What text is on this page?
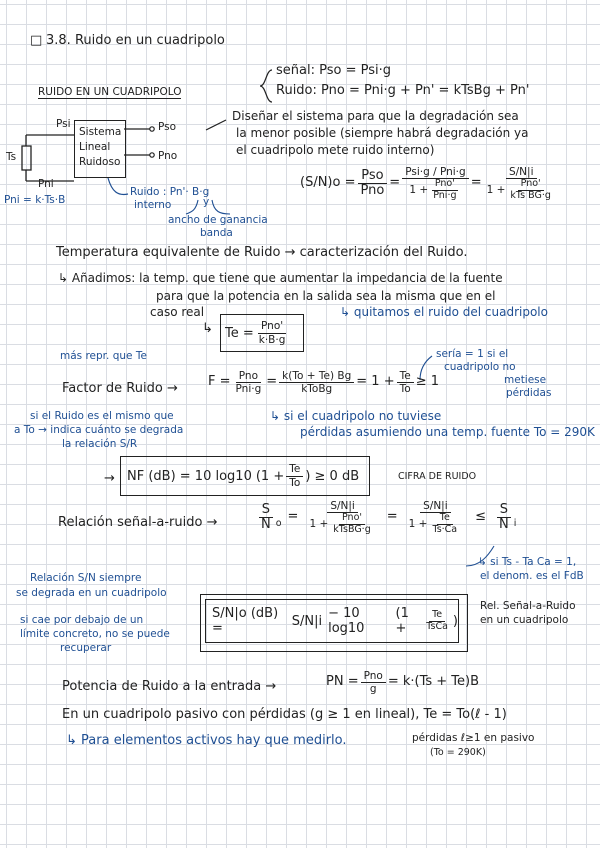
□ 3.8. Ruido en un cuadripolo
RUIDO EN UN CUADRIPOLO
Sistema
Lineal
Ruidoso
Psi	Pso
Pno
Ts
Pni
Pni = k·Ts·B
Ruido : Pn'· B·g
interno	y
ancho de ganancia
banda
señal: Pso = Psi·g
Ruido: Pno = Pni·g + Pn' = kTsBg + Pn'
Diseñar el sistema para que la degradación sea
la menor posible (siempre habrá degradación ya
el cuadripolo mete ruido interno)
$(S/N)o = \frac{\text{Pso}}{\text{Pno}} = \frac{\text{Psi·g / Pni·g}}{1 + \frac{\text{Pno'}}{\text{Pni·g}}} = \frac{S/N|i}{1 + \frac{\text{Pno'}}{\text{kTs BG·g}}}$
Temperatura equivalente de Ruido → caracterización del Ruido.
↳ Añadimos: la temp. que tiene que aumentar la impedancia de la fuente
para que la potencia en la salida sea la misma que en el
caso real	↳ quitamos el ruido del cuadripolo
↳ $Te = \frac{\text{Pno'}}{k\cdot B\cdot g}$
más repr. que Te
Factor de Ruido → $F = \frac{\text{Pno}}{\text{Pni·g}} = \frac{k(To + Te) Bg}{\text{kToBg}} = 1 + \frac{Te}{To} \ge 1$
sería = 1 si el
cuadripolo no
metiese
pérdidas
si el Ruido es el mismo que
a To → indica cuánto se degrada
la relación S/R
↳ si el cuadripolo no tuviese
pérdidas asumiendo una temp. fuente To = 290K
→ NF (dB) = 10 log10 ($1 + \frac{Te}{To}$ ) ≥ 0 dB	CIFRA DE RUIDO
Relación señal-a-ruido →	$\frac{S}{N}$ $o = \frac{S/N|i}{1 + \frac{\text{Pno'}}{\text{kTsBG·g}}} = \frac{S/N|i}{1 + \frac{Te}{Ts\cdot Ca}} \le \frac{S}{N}$ i
↳ si Ts - Ta Ca = 1,
el denom. es el FdB
Relación S/N siempre
se degrada en un cuadripolo
si cae por debajo de un
límite concreto, no se puede
recuperar
S/N|o (dB) =	S/N|i − 10 log10
(1 +	$\frac{Te}{\text{TsCa}}$ )
Rel. Señal-a-Ruido
en un cuadripolo
Potencia de Ruido a la entrada →	PN = $\frac{\text{Pno}}{g} = k\cdot(Ts + Te)B$
En un cuadripolo pasivo con pérdidas (g ≥ 1 en lineal), Te = To(ℓ - 1)
↳ Para elementos activos hay que medirlo.	pérdidas ℓ≥1 en pasivo
(To = 290K)
